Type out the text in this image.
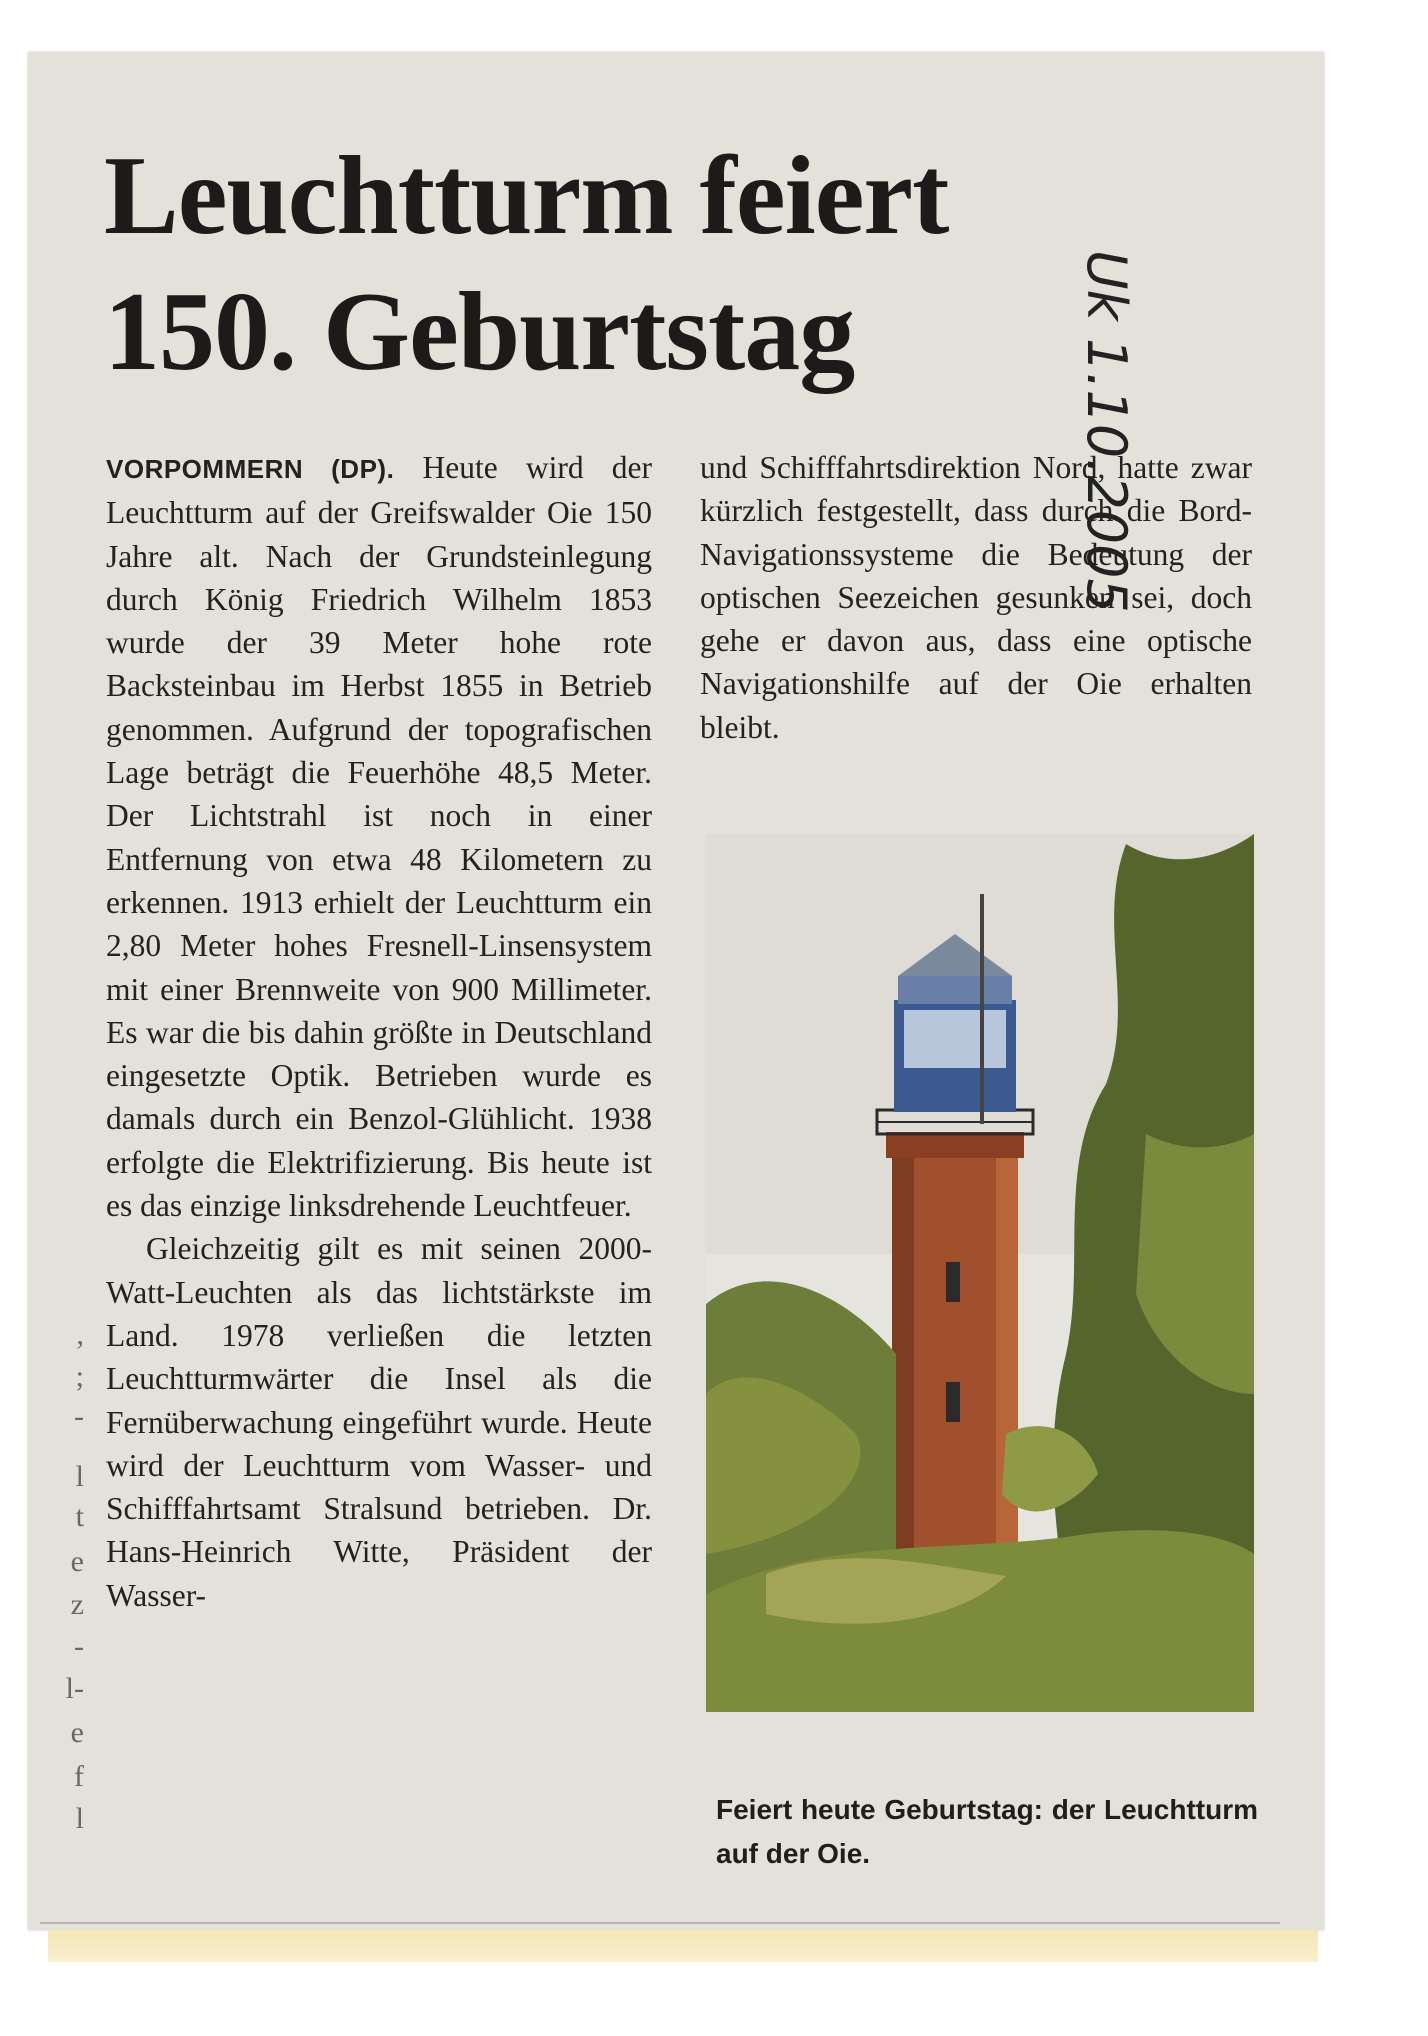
Leuchtturm feiert
150. Geburtstag	Uk 1.10.2005

VORPOMMERN (DP). Heute wird der Leuchtturm auf der Greifswalder Oie 150 Jahre alt. Nach der Grundsteinlegung durch König Friedrich Wilhelm 1853 wurde der 39 Meter hohe rote Backsteinbau im Herbst 1855 in Betrieb genommen. Aufgrund der topografischen Lage beträgt die Feuerhöhe 48,5 Meter. Der Lichtstrahl ist noch in einer Entfernung von etwa 48 Kilometern zu erkennen. 1913 erhielt der Leuchtturm ein 2,80 Meter hohes Fresnell-Linsensystem mit einer Brennweite von 900 Millimeter. Es war die bis dahin größte in Deutschland eingesetzte Optik. Betrieben wurde es damals durch ein Benzol-Glühlicht. 1938 erfolgte die Elektrifizierung. Bis heute ist es das einzige linksdrehende Leuchtfeuer.

Gleichzeitig gilt es mit seinen 2000-Watt-Leuchten als das lichtstärkste im Land. 1978 verließen die letzten Leuchtturmwärter die Insel als die Fernüberwachung eingeführt wurde. Heute wird der Leuchtturm vom Wasser- und Schifffahrtsamt Stralsund betrieben. Dr. Hans-Heinrich Witte, Präsident der Wasser-

und Schifffahrtsdirektion Nord, hatte zwar kürzlich festgestellt, dass durch die Bord-Navigationssysteme die Bedeutung der optischen Seezeichen gesunken sei, doch gehe er davon aus, dass eine optische Navigationshilfe auf der Oie erhalten bleibt.

Feiert heute Geburtstag: der Leuchtturm auf der Oie.

,
;
-
l
t
e
z
-
l-
e
f
l
